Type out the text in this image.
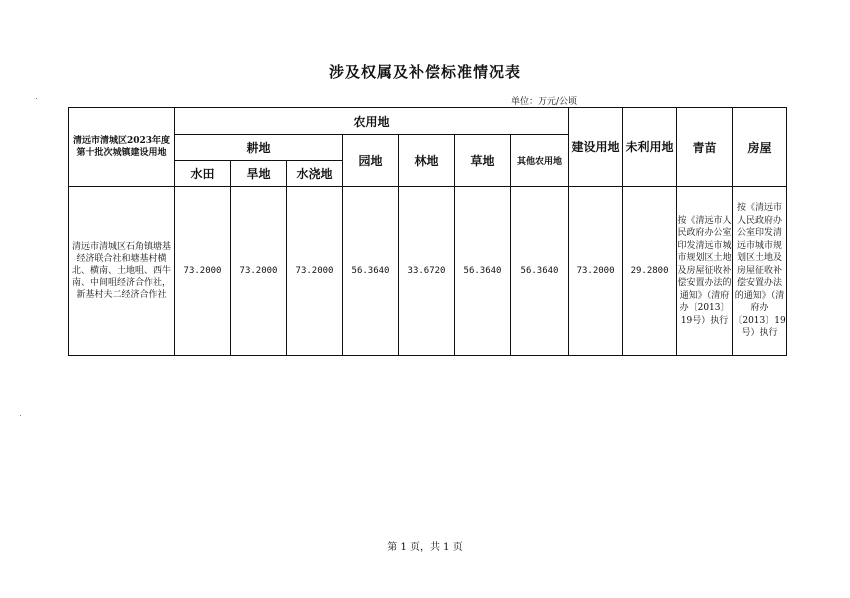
涉及权属及补偿标准情况表
单位：万元/公顷
清远市清城区2023年度第十批次城镇建设用地	农用地							建设用地	未利用地	青苗	房屋
	耕地			园地	林地	草地	其他农用地				
	水田	旱地	水浇地								
清远市清城区石角镇塘基经济联合社和塘基村横北、横南、土地咀、西牛南、中间咀经济合作社，新基村夫二经济合作社	73.2000	73.2000	73.2000	56.3640	33.6720	56.3640	56.3640	73.2000	29.2800	按《清远市人民政府办公室印发清远市城市规划区土地及房屋征收补偿安置办法的通知》（清府办〔2013〕19号）执行	按《清远市人民政府办公室印发清远市城市规划区土地及房屋征收补偿安置办法的通知》（清府办〔2013〕19号）执行
第 1 页，共 1 页
